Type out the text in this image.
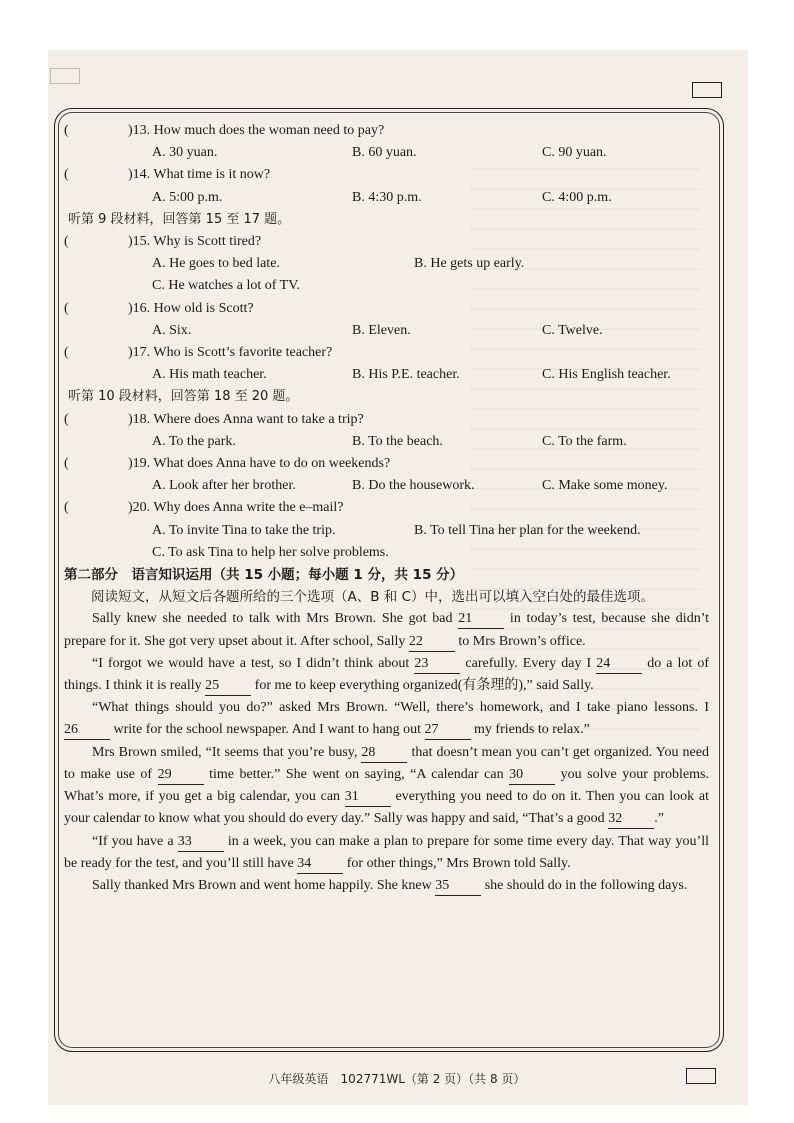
(	)13. How much does the woman need to pay?
A. 30 yuan.	B. 60 yuan.	C. 90 yuan.
(	)14. What time is it now?
A. 5:00 p.m.	B. 4:30 p.m.	C. 4:00 p.m.
听第 9 段材料，回答第 15 至 17 题。
(	)15. Why is Scott tired?
A. He goes to bed late.	B. He gets up early.
C. He watches a lot of TV.
(	)16. How old is Scott?
A. Six.	B. Eleven.	C. Twelve.
(	)17. Who is Scott’s favorite teacher?
A. His math teacher.	B. His P.E. teacher.	C. His English teacher.
听第 10 段材料，回答第 18 至 20 题。
(	)18. Where does Anna want to take a trip?
A. To the park.	B. To the beach.	C. To the farm.
(	)19. What does Anna have to do on weekends?
A. Look after her brother.	B. Do the housework.	C. Make some money.
(	)20. Why does Anna write the e–mail?
A. To invite Tina to take the trip.	B. To tell Tina her plan for the weekend.
C. To ask Tina to help her solve problems.
第二部分　语言知识运用（共 15 小题；每小题 1 分，共 15 分）
阅读短文，从短文后各题所给的三个选项（A、B 和 C）中，选出可以填入空白处的最佳选项。

Sally knew she needed to talk with Mrs Brown. She got bad 21 in today’s test, because she didn’t prepare for it. She got very upset about it. After school, Sally 22 to Mrs Brown’s office.

“I forgot we would have a test, so I didn’t think about 23 carefully. Every day I 24 do a lot of things. I think it is really 25 for me to keep everything organized(有条理的),” said Sally.

“What things should you do?” asked Mrs Brown. “Well, there’s homework, and I take piano lessons. I 26 write for the school newspaper. And I want to hang out 27 my friends to relax.”

Mrs Brown smiled, “It seems that you’re busy, 28 that doesn’t mean you can’t get organized. You need to make use of 29 time better.” She went on saying, “A calendar can 30 you solve your problems. What’s more, if you get a big calendar, you can 31 everything you need to do on it. Then you can look at your calendar to know what you should do every day.” Sally was happy and said, “That’s a good 32 .”

“If you have a 33 in a week, you can make a plan to prepare for some time every day. That way you’ll be ready for the test, and you’ll still have 34 for other things,” Mrs Brown told Sally.

Sally thanked Mrs Brown and went home happily. She knew 35 she should do in the following days.

八年级英语　102771WL（第 2 页）（共 8 页）
